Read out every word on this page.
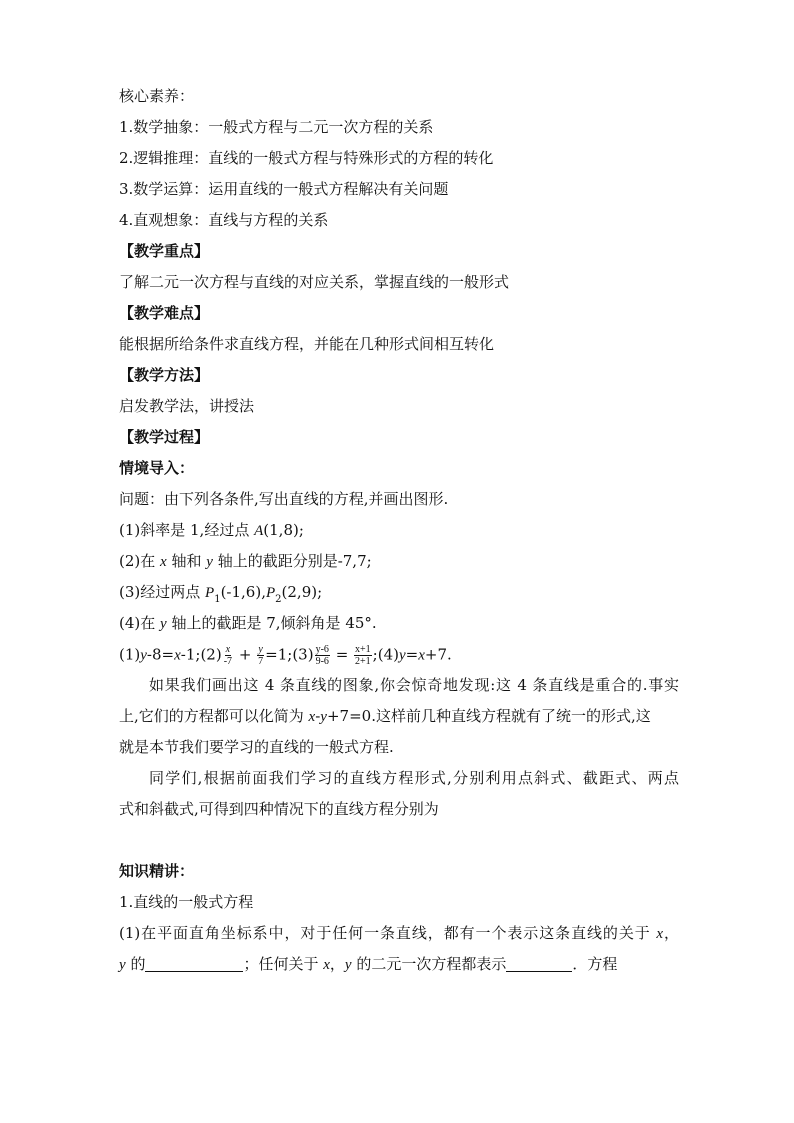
核心素养：
1.数学抽象：一般式方程与二元一次方程的关系
2.逻辑推理：直线的一般式方程与特殊形式的方程的转化
3.数学运算：运用直线的一般式方程解决有关问题
4.直观想象：直线与方程的关系
【教学重点】
了解二元一次方程与直线的对应关系，掌握直线的一般形式
【教学难点】
能根据所给条件求直线方程，并能在几种形式间相互转化
【教学方法】
启发教学法，讲授法
【教学过程】
情境导入：
问题：由下列各条件,写出直线的方程,并画出图形.
(1)斜率是 1,经过点 A(1,8);
(2)在 x 轴和 y 轴上的截距分别是-7,7;
(3)经过两点 $P_1(-1,6),P_2(2,9)$;
(4)在 y 轴上的截距是 7,倾斜角是 45°.
(1)y-8=x-1;(2) $\frac{x}{-7} + \frac{y}{7}$ =1;(3) $\frac{y-6}{9-6} = \frac{x+1}{2+1}$ ;(4)y=x+7.
如果我们画出这 4 条直线的图象,你会惊奇地发现:这 4 条直线是重合的.事实
上,它们的方程都可以化简为 x-y+7=0.这样前几种直线方程就有了统一的形式,这
就是本节我们要学习的直线的一般式方程.
同学们,根据前面我们学习的直线方程形式,分别利用点斜式、截距式、两点
式和斜截式,可得到四种情况下的直线方程分别为
知识精讲：
1.直线的一般式方程
(1)在平面直角坐标系中，对于任何一条直线，都有一个表示这条直线的关于 x，
y 的	；任何关于 x，y 的二元一次方程都表示	．方程
